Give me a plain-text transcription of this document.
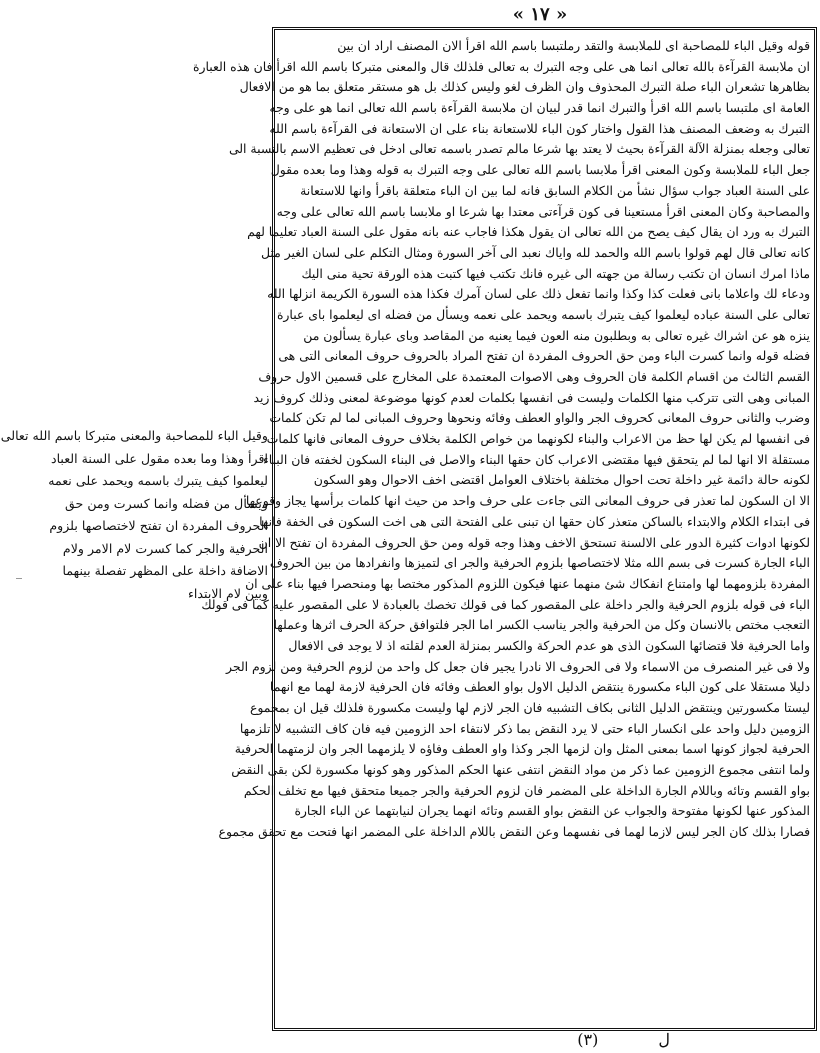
« ١٧ »
قوله وقيل الباء للمصاحبة اى للملابسة والتقد رملتبسا باسم الله اقرأ الان المصنف اراد ان بين
ان ملابسة القرآءة بالله تعالى انما هى على وجه التبرك به تعالى فلذلك قال والمعنى متبركا باسم الله اقرأ فان هذه العبارة
بظاهرها تشعران الباء صلة التبرك المحذوف وان الظرف لغو وليس كذلك بل هو مستقر متعلق بما هو من الافعال
العامة اى ملتبسا باسم الله اقرأ والتبرك انما قدر لبيان ان ملابسة القرآءة باسم الله تعالى انما هو على وجه
التبرك به وضعف المصنف هذا القول واختار كون الباء للاستعانة بناء على ان الاستعانة فى القرآءة باسم الله
تعالى وجعله بمنزلة الآلة القرآءة بحيث لا يعتد بها شرعا مالم تصدر باسمه تعالى ادخل فى تعظيم الاسم بالنسبة الى
جعل الباء للملابسة وكون المعنى اقرأ ملابسا باسم الله تعالى على وجه التبرك به قوله وهذا وما بعده مقول
على السنة العباد جواب سؤال نشأ من الكلام السابق فانه لما بين ان الباء متعلقة باقرأ وانها للاستعانة
والمصاحبة وكان المعنى اقرأ مستعينا فى كون قرآءتى معتدا بها شرعا او ملابسا باسم الله تعالى على وجه
التبرك به ورد ان يقال كيف يصح من الله تعالى ان يقول هكذا فاجاب عنه بانه مقول على السنة العباد تعليما لهم
كانه تعالى قال لهم قولوا باسم الله والحمد لله واياك نعبد الى آخر السورة ومثال التكلم على لسان الغير مثل
ماذا امرك انسان ان تكتب رسالة من جهته الى غيره فانك تكتب فيها كتبت هذه الورقة تحية منى اليك
ودعاء لك واعلاما بانى فعلت كذا وكذا وانما تفعل ذلك على لسان آمرك فكذا هذه السورة الكريمة انزلها الله
تعالى على السنة عباده ليعلموا كيف يتبرك باسمه ويحمد على نعمه ويسأل من فضله اى ليعلموا باى عبارة
ينزه هو عن اشراك غيره تعالى به وبطلبون منه العون فيما يعنيه من المقاصد وباى عبارة يسألون من
فضله قوله وانما كسرت الباء ومن حق الحروف المفردة ان تفتح المراد بالحروف حروف المعانى التى هى
القسم الثالث من اقسام الكلمة فان الحروف وهى الاصوات المعتمدة على المخارج على قسمين الاول حروف
المبانى وهى التى تتركب منها الكلمات وليست فى انفسها بكلمات لعدم كونها موضوعة لمعنى وذلك كروف زيد
وضرب والثانى حروف المعانى كحروف الجر والواو العطف وفائه ونحوها وحروف المبانى لما لم تكن كلمات
فى انفسها لم يكن لها حظ من الاعراب والبناء لكونهما من خواص الكلمة بخلاف حروف المعانى فانها كلمات
مستقلة الا انها لما لم يتحقق فيها مقتضى الاعراب كان حقها البناء والاصل فى البناء السكون لخفته فان البناء
لكونه حالة دائمة غير داخلة تحت احوال مختلفة باختلاف العوامل اقتضى اخف الاحوال وهو السكون
الا ان السكون لما تعذر فى حروف المعانى التى جاءت على حرف واحد من حيث انها كلمات برأسها يجاز وقوعها
فى ابتداء الكلام والابتداء بالساكن متعذر كان حقها ان تبنى على الفتحة التى هى اخت السكون فى الخفة فانها
لكونها ادوات كثيرة الدور على الالسنة تستحق الاخف وهذا وجه قوله ومن حق الحروف المفردة ان تفتح الا ان
الباء الجارة كسرت فى بسم الله مثلا لاختصاصها بلزوم الحرفية والجر اى لتميزها وانفرادها من بين الحروف
المفردة بلزومهما لها وامتناع انفكاك شئ منهما عنها فيكون اللزوم المذكور مختصا بها ومنحصرا فيها بناء على ان
الباء فى قوله بلزوم الحرفية والجر داخلة على المقصور كما فى قولك تخصك بالعبادة لا على المقصور عليه كما فى قولك
التعجب مختص بالانسان وكل من الحرفية والجر يناسب الكسر اما الجر فلتوافق حركة الحرف اثرها وعملها
واما الحرفية فلا قتضائها السكون الذى هو عدم الحركة والكسر بمنزلة العدم لقلته اذ لا يوجد فى الافعال
ولا فى غير المنصرف من الاسماء ولا فى الحروف الا نادرا يجير فان جعل كل واحد من لزوم الحرفية ومن لزوم الجر
دليلا مستقلا على كون الباء مكسورة ينتقض الدليل الاول بواو العطف وفائه فان الحرفية لازمة لهما مع انهما
ليستا مكسورتين وينتقض الدليل الثانى بكاف التشبيه فان الجر لازم لها وليست مكسورة فلذلك قيل ان بمجموع
الزومين دليل واحد على انكسار الباء حتى لا يرد النقض بما ذكر لانتفاء احد الزومين فيه فان كاف التشبيه لا تلزمها
الحرفية لجواز كونها اسما بمعنى المثل وان لزمها الجر وكذا واو العطف وفاؤه لا يلزمهما الجر وان لزمتهما الحرفية
ولما انتفى مجموع الزومين عما ذكر من مواد النقض انتفى عنها الحكم المذكور وهو كونها مكسورة لكن بقى النقض
بواو القسم وتائه وباللام الجارة الداخلة على المضمر فان لزوم الحرفية والجر جميعا متحقق فيها مع تخلف الحكم
المذكور عنها لكونها مفتوحة والجواب عن النقض بواو القسم وتائه انهما يجران لنيابتهما عن الباء الجارة
فصارا بذلك كان الجر ليس لازما لهما فى نفسهما وعن النقض باللام الداخلة على المضمر انها فتحت مع تحقق مجموع
وقيل الباء للمصاحبة والمعنى متبركا باسم الله تعالى
اقرأ وهذا وما بعده مقول على السنة العباد
ليعلموا كيف يتبرك باسمه ويحمد على نعمه
ويسأل من فضله وانما كسرت ومن حق
الحروف المفردة ان تفتح لاختصاصها بلزوم
الحرفية والجر كما كسرت لام الامر ولام
الاضافة داخلة على المظهر تفصلة بينهما
وبين لام الابتداء
ل
(٣)
